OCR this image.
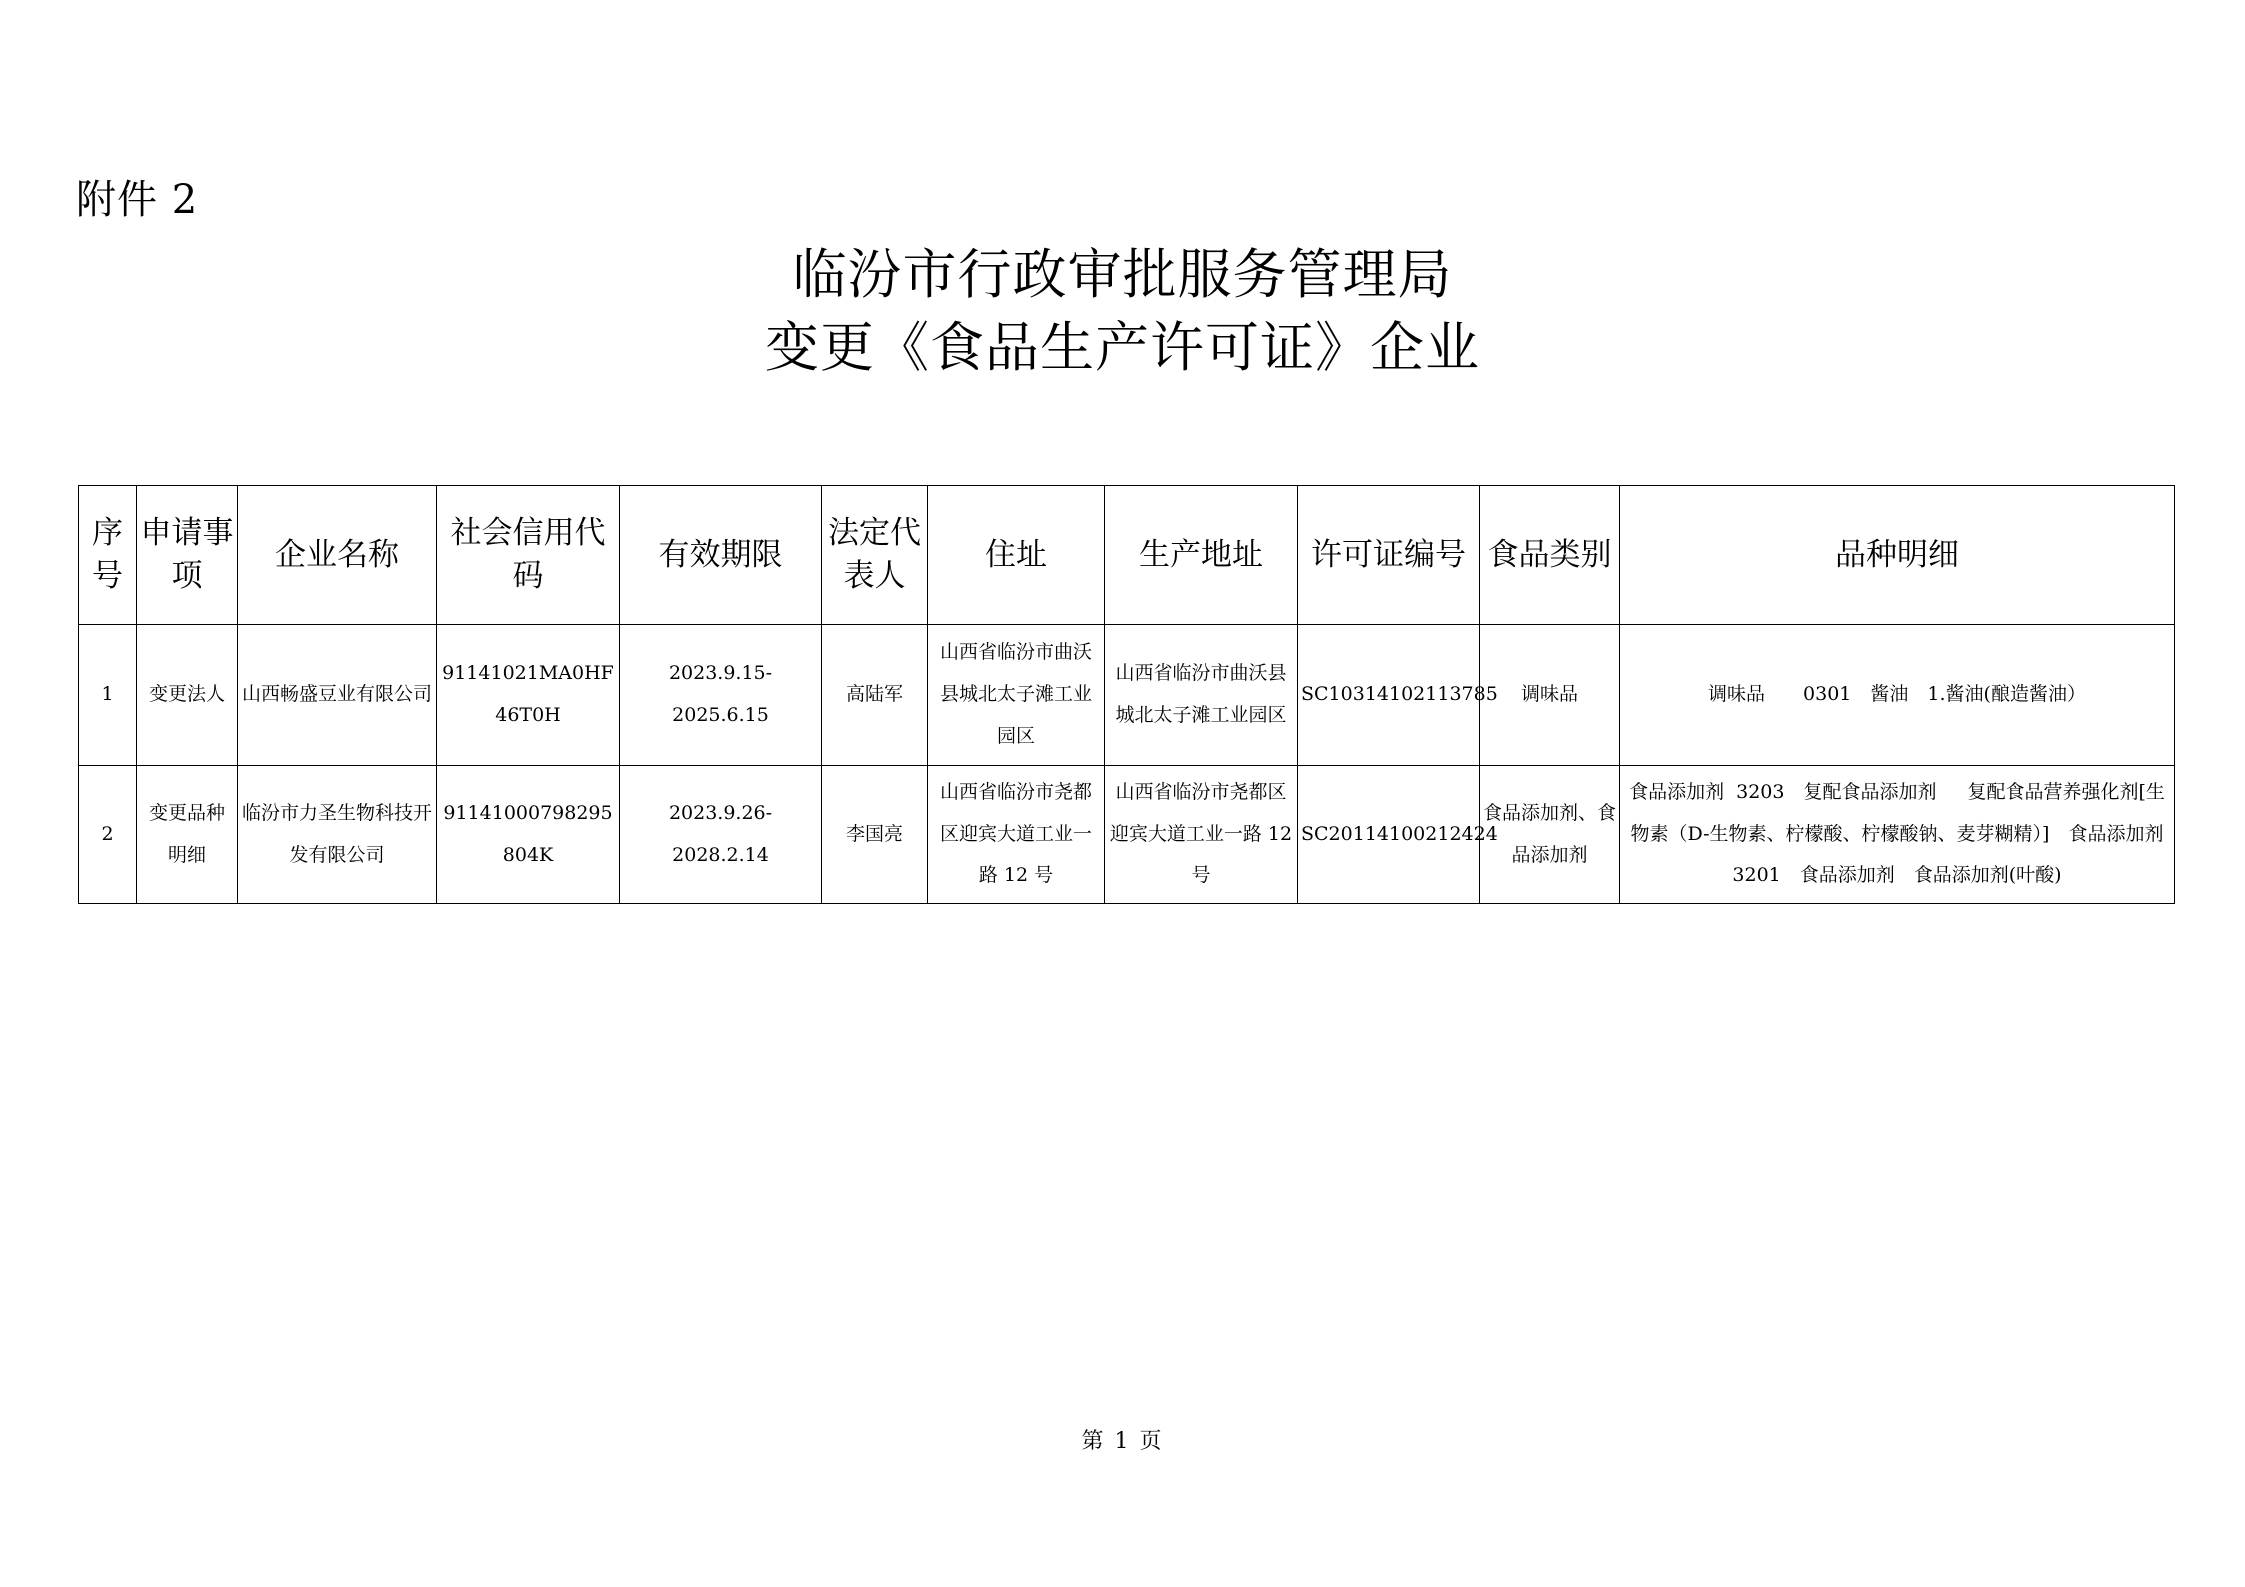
附件 2
临汾市行政审批服务管理局
变更《食品生产许可证》企业
序号	申请事项	企业名称	社会信用代码	有效期限	法定代表人	住址	生产地址	许可证编号	食品类别	品种明细
1	变更法人	山西畅盛豆业有限公司	91141021MA0HF46T0H	2023.9.15-2025.6.15	高陆军	山西省临汾市曲沃县城北太子滩工业园区	山西省临汾市曲沃县城北太子滩工业园区	SC10314102113785	调味品	调味品　　0301　酱油　1.酱油(酿造酱油）
2	变更品种明细	临汾市力圣生物科技开发有限公司	91141000798295804K	2023.9.26-2028.2.14	李国亮	山西省临汾市尧都区迎宾大道工业一路 12 号	山西省临汾市尧都区迎宾大道工业一路 12 号	SC20114100212424	食品添加剂、食品添加剂	食品添加剂 3203　复配食品添加剂　 复配食品营养强化剂[生物素（D-生物素、柠檬酸、柠檬酸钠、麦芽糊精）]　食品添加剂　　3201　食品添加剂　食品添加剂(叶酸)
第 1 页
